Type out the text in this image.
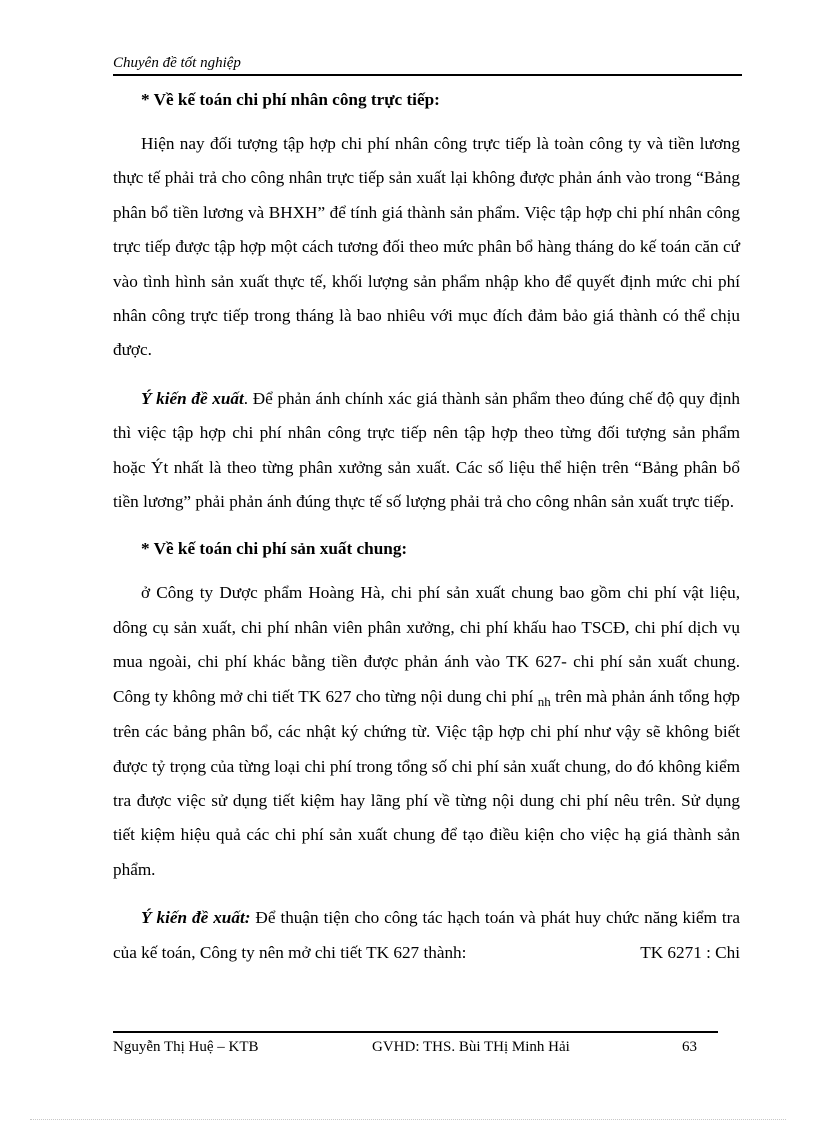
Chuyên đề tốt nghiệp

* Về kế toán chi phí nhân công trực tiếp:

Hiện nay đối tượng tập hợp chi phí nhân công trực tiếp là toàn công ty và tiền lương thực tế phải trả cho công nhân trực tiếp sản xuất lại không được phản ánh vào trong “Bảng phân bổ tiền lương và BHXH” để tính giá thành sản phẩm. Việc tập hợp chi phí nhân công trực tiếp được tập hợp một cách tương đối theo mức phân bổ hàng tháng do kế toán căn cứ vào tình hình sản xuất thực tế, khối lượng sản phẩm nhập kho để quyết định mức chi phí nhân công trực tiếp trong tháng là bao nhiêu với mục đích đảm bảo giá thành có thể chịu được.

Ý kiến đề xuất. Để phản ánh chính xác giá thành sản phẩm theo đúng chế độ quy định thì việc tập hợp chi phí nhân công trực tiếp nên tập hợp theo từng đối tượng sản phẩm hoặc Ýt nhất là theo từng phân xưởng sản xuất. Các số liệu thể hiện trên “Bảng phân bổ tiền lương” phải phản ánh đúng thực tế số lượng phải trả cho công nhân sản xuất trực tiếp.

* Về kế toán chi phí sản xuất chung:

ở Công ty Dược phẩm Hoàng Hà, chi phí sản xuất chung bao gồm chi phí vật liệu, dông cụ sản xuất, chi phí nhân viên phân xưởng, chi phí khấu hao TSCĐ, chi phí dịch vụ mua ngoài, chi phí khác bằng tiền được phản ánh vào TK 627- chi phí sản xuất chung. Công ty không mở chi tiết TK 627 cho từng nội dung chi phí $_{nh}$ trên mà phản ánh tổng hợp trên các bảng phân bổ, các nhật ký chứng từ. Việc tập hợp chi phí như vậy sẽ không biết được tỷ trọng của từng loại chi phí trong tổng số chi phí sản xuất chung, do đó không kiểm tra được việc sử dụng tiết kiệm hay lãng phí về từng nội dung chi phí nêu trên. Sử dụng tiết kiệm hiệu quả các chi phí sản xuất chung để tạo điều kiện cho việc hạ giá thành sản phẩm.

Ý kiến đề xuất: Để thuận tiện cho công tác hạch toán và phát huy chức năng kiểm tra của kế toán, Công ty nên mở chi tiết TK 627 thành:	TK 6271 : Chi

Nguyễn Thị Huệ – KTB	GVHD: THS. Bùi THị Minh Hải	63
